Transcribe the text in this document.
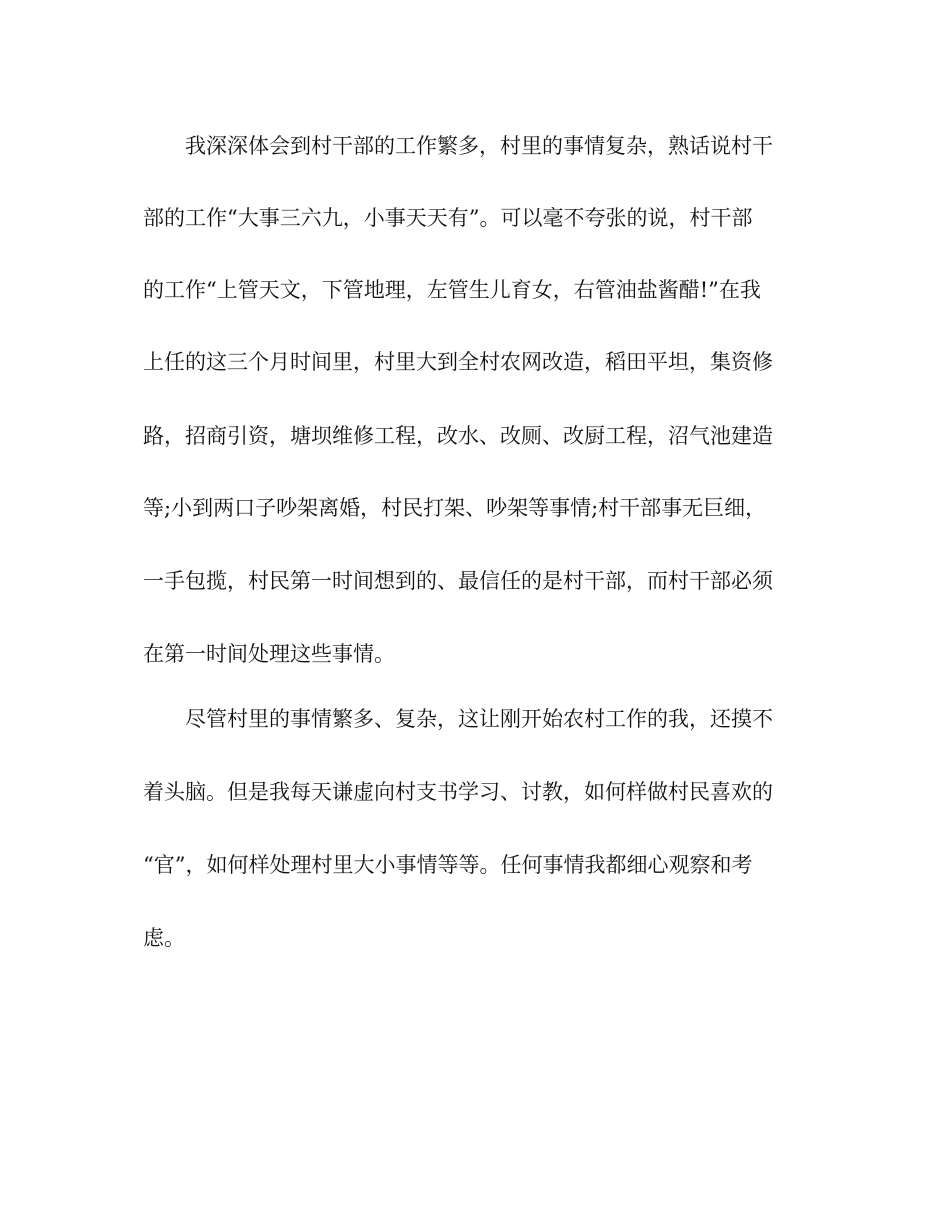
我深深体会到村干部的工作繁多，村里的事情复杂，熟话说村干
部的工作“大事三六九，小事天天有”。可以毫不夸张的说，村干部
的工作“上管天文，下管地理，左管生儿育女，右管油盐酱醋!”在我
上任的这三个月时间里，村里大到全村农网改造，稻田平坦，集资修
路，招商引资，塘坝维修工程，改水、改厕、改厨工程，沼气池建造
等;小到两口子吵架离婚，村民打架、吵架等事情;村干部事无巨细，
一手包揽，村民第一时间想到的、最信任的是村干部，而村干部必须
在第一时间处理这些事情。
尽管村里的事情繁多、复杂，这让刚开始农村工作的我，还摸不
着头脑。但是我每天谦虚向村支书学习、讨教，如何样做村民喜欢的
“官”，如何样处理村里大小事情等等。任何事情我都细心观察和考
虑。
